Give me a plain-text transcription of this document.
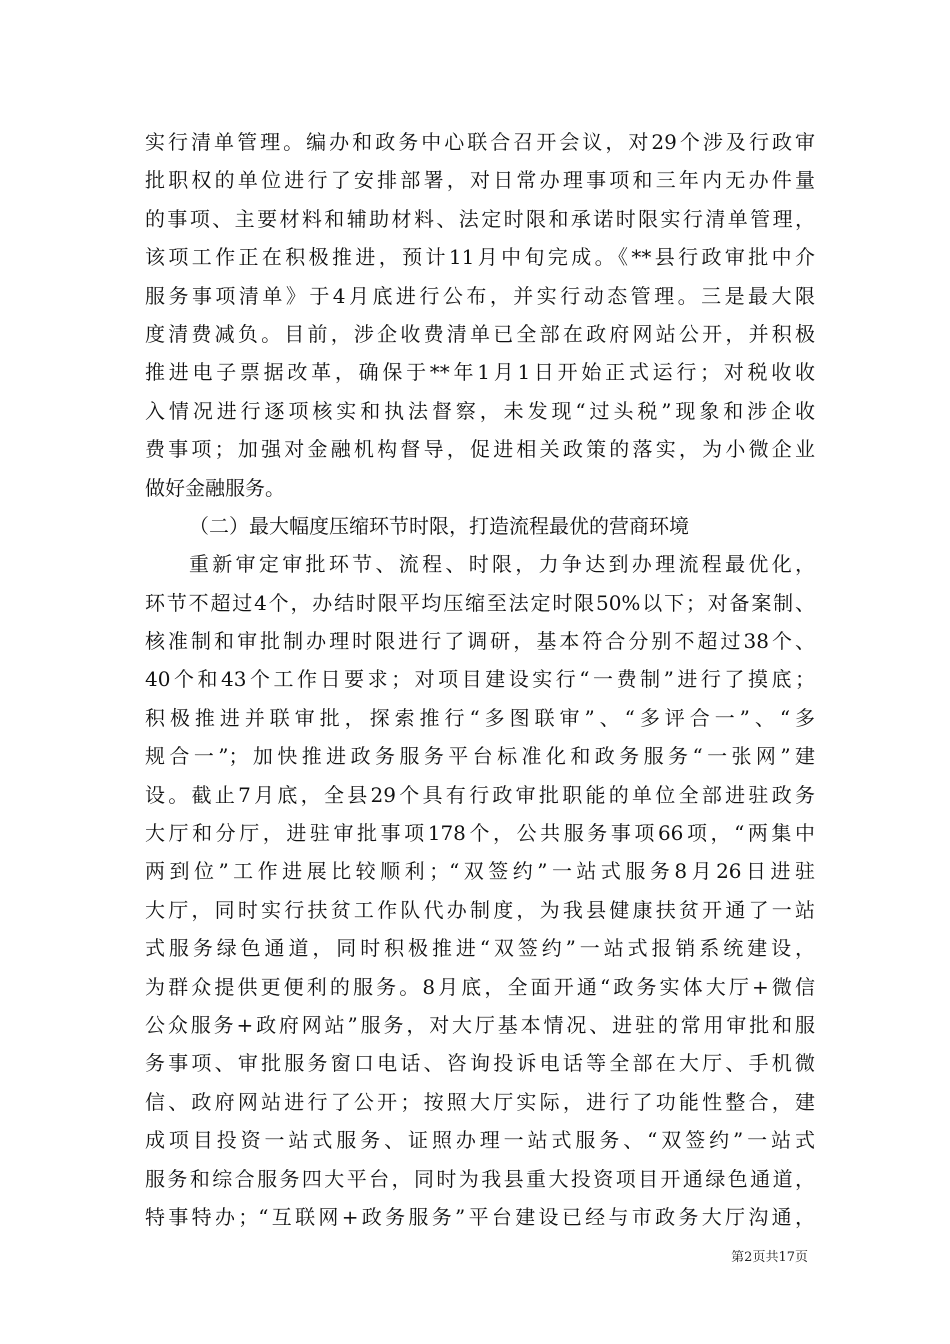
实行清单管理。编办和政务中心联合召开会议，对29个涉及行政审
批职权的单位进行了安排部署，对日常办理事项和三年内无办件量
的事项、主要材料和辅助材料、法定时限和承诺时限实行清单管理，
该项工作正在积极推进，预计11月中旬完成。《**县行政审批中介
服务事项清单》于4月底进行公布，并实行动态管理。三是最大限
度清费减负。目前，涉企收费清单已全部在政府网站公开，并积极
推进电子票据改革，确保于**年1月1日开始正式运行；对税收收
入情况进行逐项核实和执法督察，未发现“过头税”现象和涉企收
费事项；加强对金融机构督导，促进相关政策的落实，为小微企业
做好金融服务。
（二）最大幅度压缩环节时限，打造流程最优的营商环境
重新审定审批环节、流程、时限，力争达到办理流程最优化，
环节不超过4个，办结时限平均压缩至法定时限50%以下；对备案制、
核准制和审批制办理时限进行了调研，基本符合分别不超过38个、
40个和43个工作日要求；对项目建设实行“一费制”进行了摸底；
积极推进并联审批，探索推行“多图联审”、“多评合一”、“多
规合一”；加快推进政务服务平台标准化和政务服务“一张网”建
设。截止7月底，全县29个具有行政审批职能的单位全部进驻政务
大厅和分厅，进驻审批事项178个，公共服务事项66项，“两集中
两到位”工作进展比较顺利；“双签约”一站式服务8月26日进驻
大厅，同时实行扶贫工作队代办制度，为我县健康扶贫开通了一站
式服务绿色通道，同时积极推进“双签约”一站式报销系统建设，
为群众提供更便利的服务。8月底，全面开通“政务实体大厅+微信
公众服务+政府网站”服务，对大厅基本情况、进驻的常用审批和服
务事项、审批服务窗口电话、咨询投诉电话等全部在大厅、手机微
信、政府网站进行了公开；按照大厅实际，进行了功能性整合，建
成项目投资一站式服务、证照办理一站式服务、“双签约”一站式
服务和综合服务四大平台，同时为我县重大投资项目开通绿色通道，
特事特办；“互联网+政务服务”平台建设已经与市政务大厅沟通，
第2页共17页
